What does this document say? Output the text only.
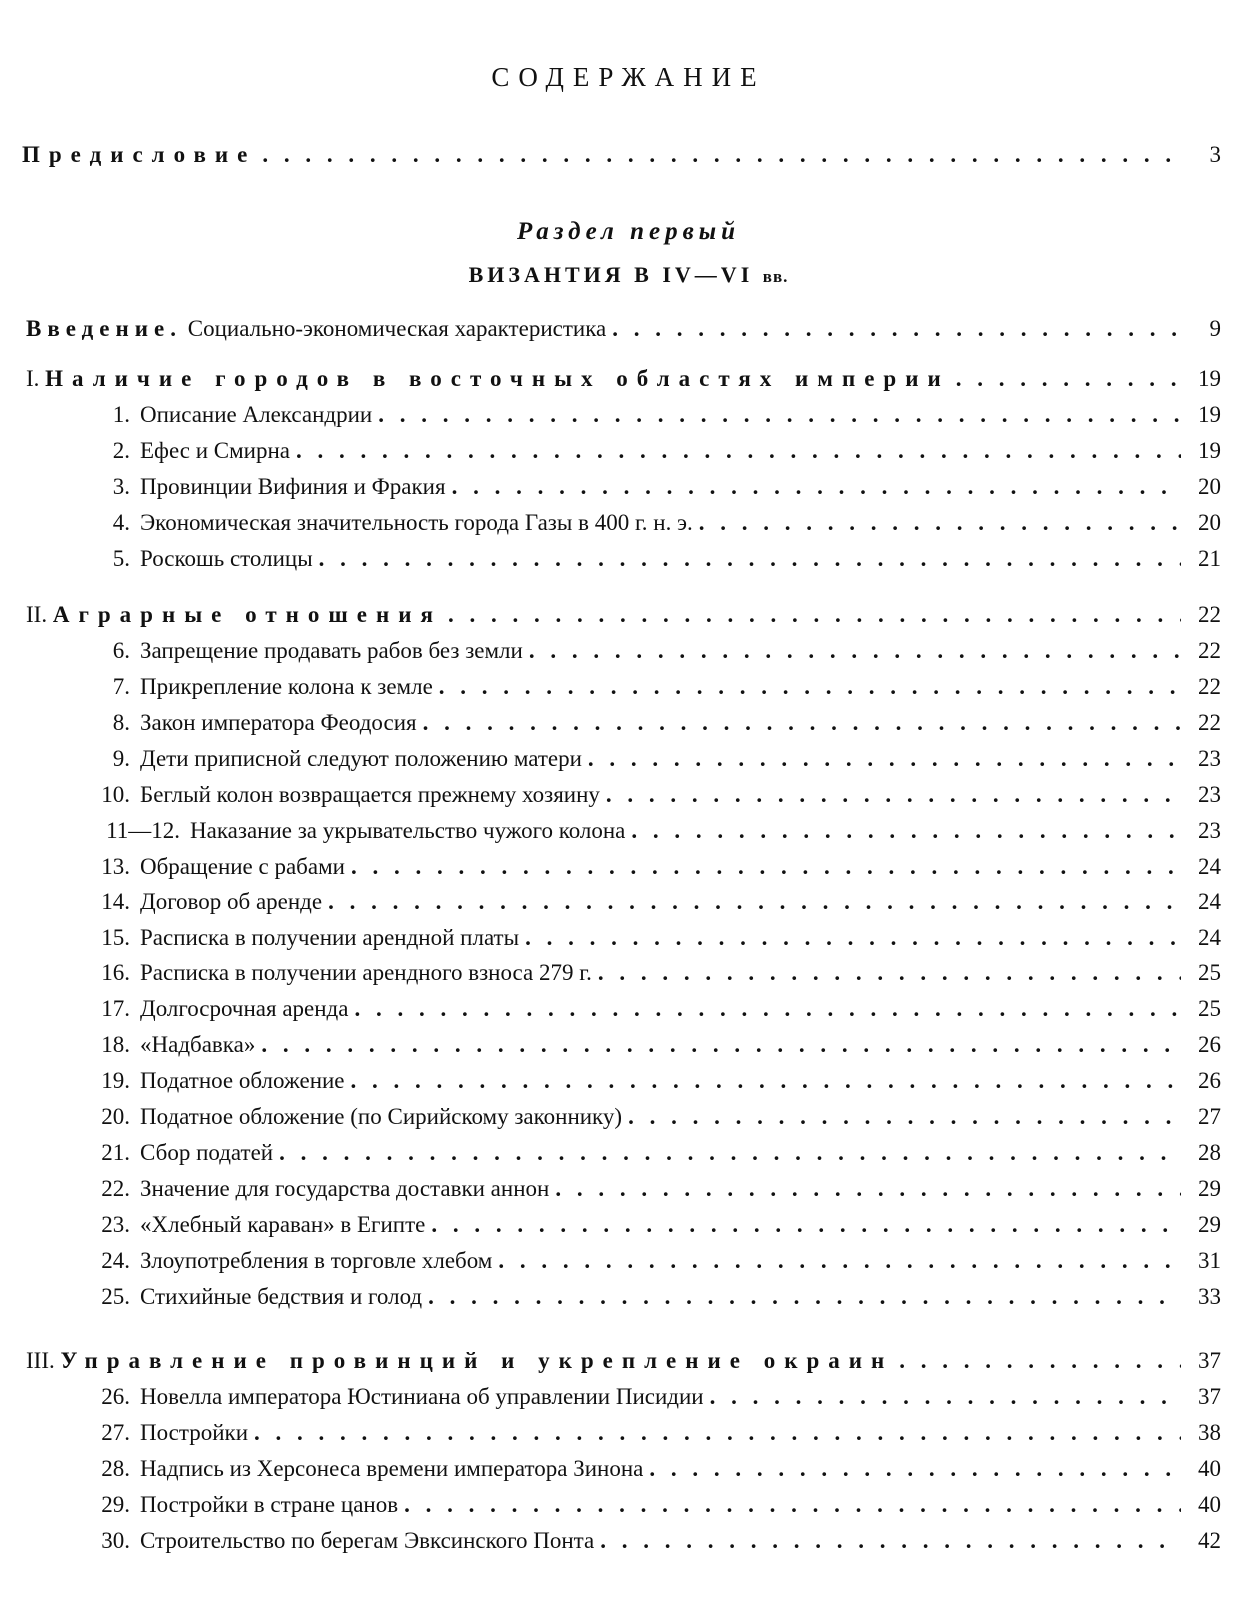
СОДЕРЖАНИЕ
Предисловие . . .	3
Раздел первый
ВИЗАНТИЯ В IV—VI вв.
Введение. Социально-экономическая характеристика . . .	9
I. Наличие городов в восточных областях империи . . .	19
1. Описание Александрии . . .	19
2. Ефес и Смирна . . .	19
3. Провинции Вифиния и Фракия . . .	20
4. Экономическая значительность города Газы в 400 г. н. э. . . .	20
5. Роскошь столицы . . .	21
II. Аграрные отношения . . .	22
6. Запрещение продавать рабов без земли . . .	22
7. Прикрепление колона к земле . . .	22
8. Закон императора Феодосия . . .	22
9. Дети приписной следуют положению матери . . .	23
10. Беглый колон возвращается прежнему хозяину . . .	23
11—12. Наказание за укрывательство чужого колона . . .	23
13. Обращение с рабами . . .	24
14. Договор об аренде . . .	24
15. Расписка в получении арендной платы . . .	24
16. Расписка в получении арендного взноса 279 г. . . .	25
17. Долгосрочная аренда . . .	25
18. «Надбавка» . . .	26
19. Податное обложение . . .	26
20. Податное обложение (по Сирийскому законнику) . . .	27
21. Сбор податей . . .	28
22. Значение для государства доставки аннон . . .	29
23. «Хлебный караван» в Египте . . .	29
24. Злоупотребления в торговле хлебом . . .	31
25. Стихийные бедствия и голод . . .	33
III. Управление провинций и укрепление окраин . . .	37
26. Новелла императора Юстиниана об управлении Писидии . . .	37
27. Постройки . . .	38
28. Надпись из Херсонеса времени императора Зинона . . .	40
29. Постройки в стране цанов . . .	40
30. Строительство по берегам Эвксинского Понта . . .	42
